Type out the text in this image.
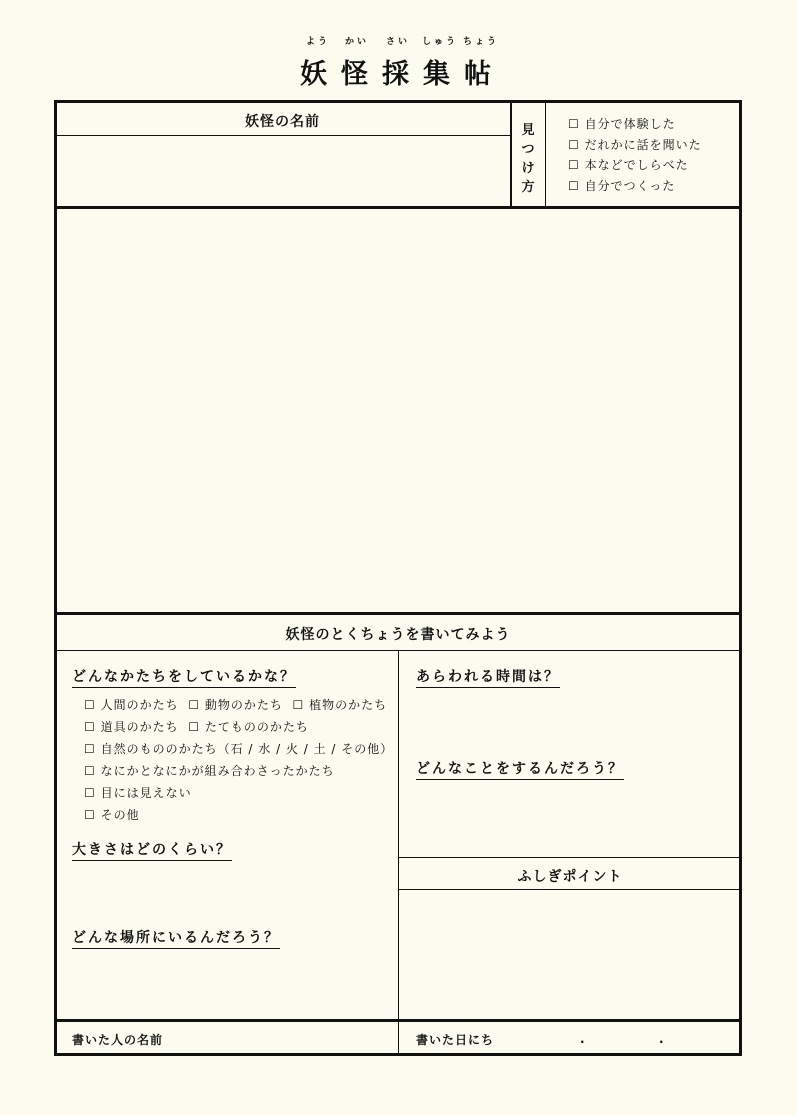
よう かい さい しゅう ちょう
妖 怪 採 集 帖
妖怪の名前
見
つ
け
方
☐ 自分で体験した
☐ だれかに話を聞いた
☐ 本などでしらべた
☐ 自分でつくった
妖怪のとくちょうを書いてみよう
どんなかたちをしているかな？
☐ 人間のかたち ☐ 動物のかたち ☐ 植物のかたち
☐ 道具のかたち ☐ たてもののかたち
☐ 自然のもののかたち（石 / 水 / 火 / 土 / その他）
☐ なにかとなにかが組み合わさったかたち
☐ 目には見えない
☐ その他
大きさはどのくらい？
どんな場所にいるんだろう？
あらわれる時間は？
どんなことをするんだろう？
ふしぎポイント
書いた人の名前	書いた日にち	.	.
